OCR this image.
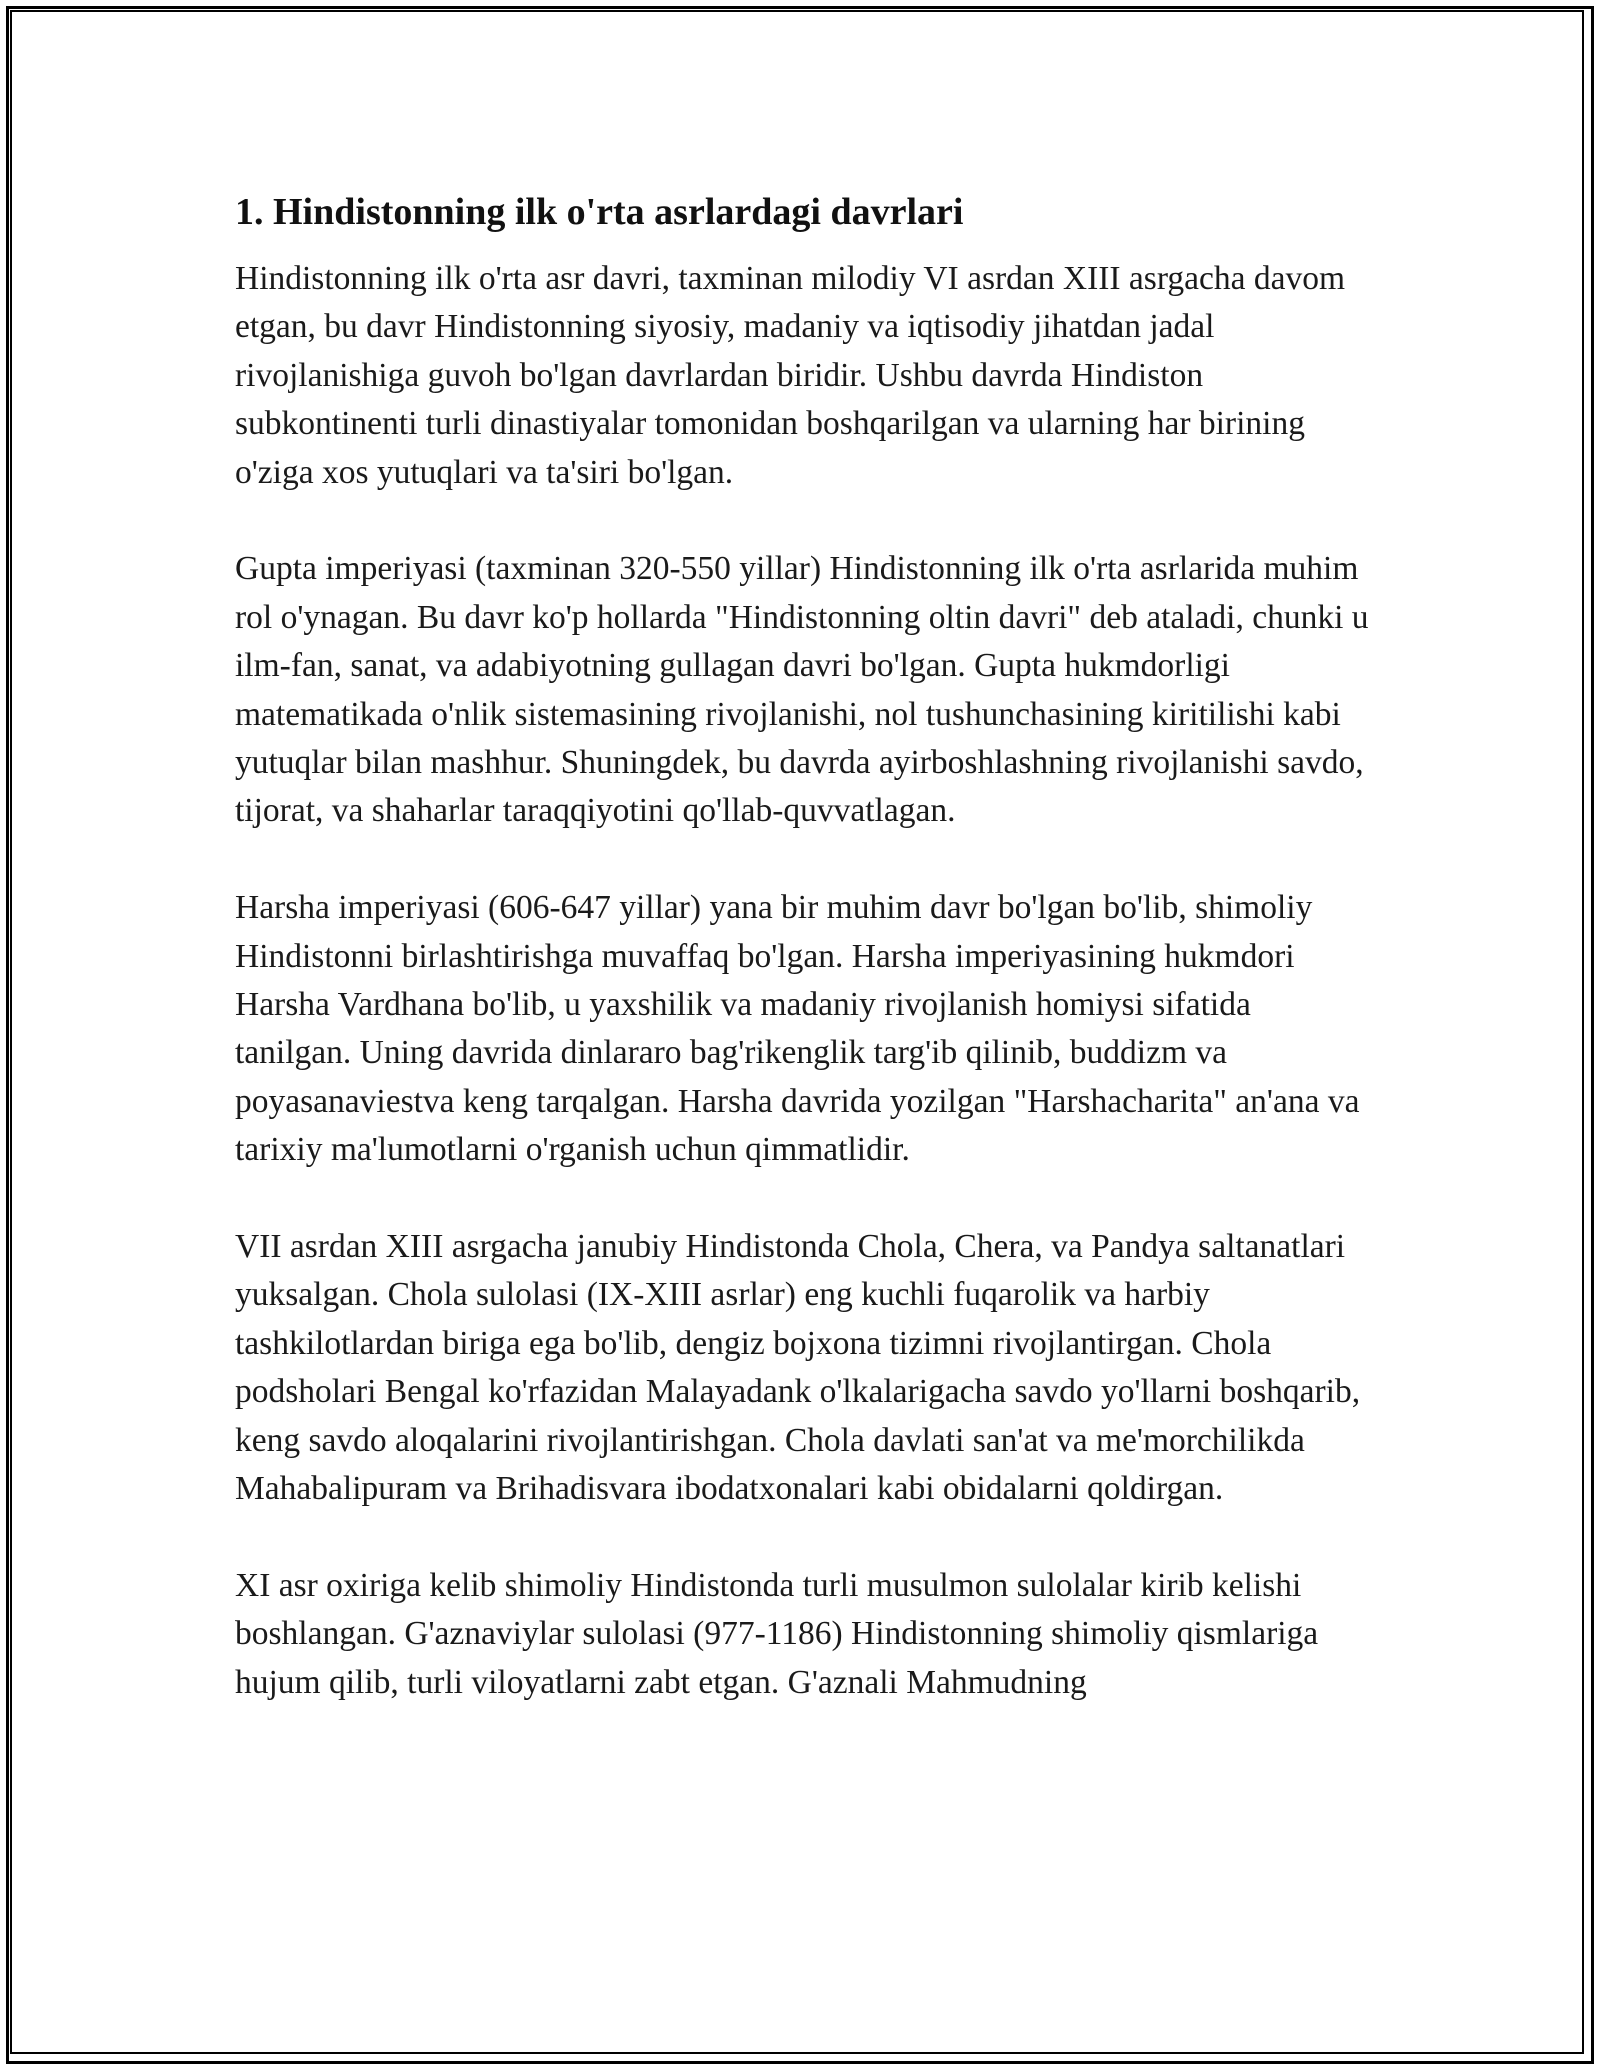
1. Hindistonning ilk o'rta asrlardagi davrlari

Hindistonning ilk o'rta asr davri, taxminan milodiy VI asrdan XIII asrgacha davom etgan, bu davr Hindistonning siyosiy, madaniy va iqtisodiy jihatdan jadal rivojlanishiga guvoh bo'lgan davrlardan biridir. Ushbu davrda Hindiston subkontinenti turli dinastiyalar tomonidan boshqarilgan va ularning har birining o'ziga xos yutuqlari va ta'siri bo'lgan.

Gupta imperiyasi (taxminan 320-550 yillar) Hindistonning ilk o'rta asrlarida muhim rol o'ynagan. Bu davr ko'p hollarda "Hindistonning oltin davri" deb ataladi, chunki u ilm-fan, sanat, va adabiyotning gullagan davri bo'lgan. Gupta hukmdorligi matematikada o'nlik sistemasining rivojlanishi, nol tushunchasining kiritilishi kabi yutuqlar bilan mashhur. Shuningdek, bu davrda ayirboshlashning rivojlanishi savdo, tijorat, va shaharlar taraqqiyotini qo'llab-quvvatlagan.

Harsha imperiyasi (606-647 yillar) yana bir muhim davr bo'lgan bo'lib, shimoliy Hindistonni birlashtirishga muvaffaq bo'lgan. Harsha imperiyasining hukmdori Harsha Vardhana bo'lib, u yaxshilik va madaniy rivojlanish homiysi sifatida tanilgan. Uning davrida dinlararo bag'rikenglik targ'ib qilinib, buddizm va poyasanaviestva keng tarqalgan. Harsha davrida yozilgan "Harshacharita" an'ana va tarixiy ma'lumotlarni o'rganish uchun qimmatlidir.

VII asrdan XIII asrgacha janubiy Hindistonda Chola, Chera, va Pandya saltanatlari yuksalgan. Chola sulolasi (IX-XIII asrlar) eng kuchli fuqarolik va harbiy tashkilotlardan biriga ega bo'lib, dengiz bojxona tizimni rivojlantirgan. Chola podsholari Bengal ko'rfazidan Malayadank o'lkalarigacha savdo yo'llarni boshqarib, keng savdo aloqalarini rivojlantirishgan. Chola davlati san'at va me'morchilikda Mahabalipuram va Brihadisvara ibodatxonalari kabi obidalarni qoldirgan.

XI asr oxiriga kelib shimoliy Hindistonda turli musulmon sulolalar kirib kelishi boshlangan. G'aznaviylar sulolasi (977-1186) Hindistonning shimoliy qismlariga hujum qilib, turli viloyatlarni zabt etgan. G'aznali Mahmudning
